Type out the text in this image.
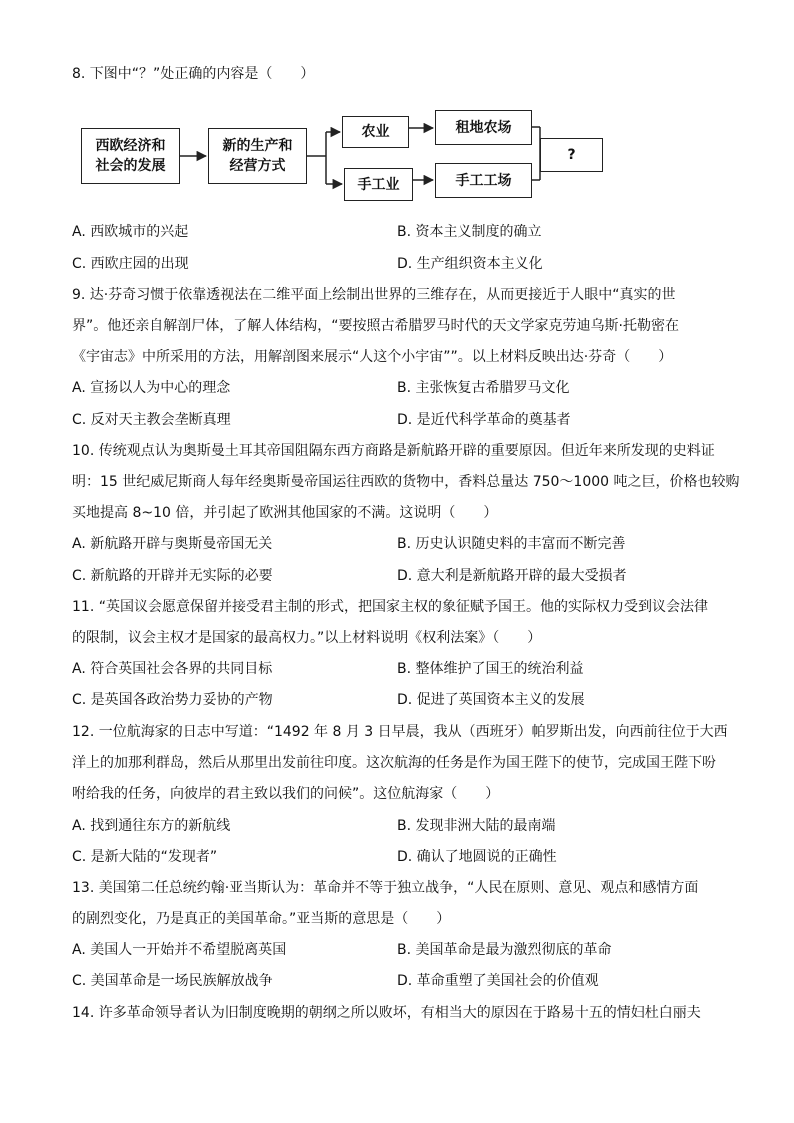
8. 下图中“？”处正确的内容是（　　）
西欧经济和
社会的发展
新的生产和
经营方式
农业
手工业
租地农场
手工工场
?
A. 西欧城市的兴起	B. 资本主义制度的确立
C. 西欧庄园的出现	D. 生产组织资本主义化
9. 达·芬奇习惯于依靠透视法在二维平面上绘制出世界的三维存在，从而更接近于人眼中“真实的世
界”。他还亲自解剖尸体，了解人体结构，“要按照古希腊罗马时代的天文学家克劳迪乌斯·托勒密在
《宇宙志》中所采用的方法，用解剖图来展示“人这个小宇宙””。以上材料反映出达·芬奇（　　）
A. 宣扬以人为中心的理念	B. 主张恢复古希腊罗马文化
C. 反对天主教会垄断真理	D. 是近代科学革命的奠基者
10. 传统观点认为奥斯曼土耳其帝国阻隔东西方商路是新航路开辟的重要原因。但近年来所发现的史料证
明：15 世纪威尼斯商人每年经奥斯曼帝国运往西欧的货物中，香料总量达 750～1000 吨之巨，价格也较购
买地提高 8~10 倍，并引起了欧洲其他国家的不满。这说明（　　）
A. 新航路开辟与奥斯曼帝国无关	B. 历史认识随史料的丰富而不断完善
C. 新航路的开辟并无实际的必要	D. 意大利是新航路开辟的最大受损者
11. “英国议会愿意保留并接受君主制的形式，把国家主权的象征赋予国王。他的实际权力受到议会法律
的限制，议会主权才是国家的最高权力。”以上材料说明《权利法案》（　　）
A. 符合英国社会各界的共同目标	B. 整体维护了国王的统治利益
C. 是英国各政治势力妥协的产物	D. 促进了英国资本主义的发展
12. 一位航海家的日志中写道：“1492 年 8 月 3 日早晨，我从（西班牙）帕罗斯出发，向西前往位于大西
洋上的加那利群岛，然后从那里出发前往印度。这次航海的任务是作为国王陛下的使节，完成国王陛下吩
咐给我的任务，向彼岸的君主致以我们的问候”。这位航海家（　　）
A. 找到通往东方的新航线	B. 发现非洲大陆的最南端
C. 是新大陆的“发现者”	D. 确认了地圆说的正确性
13. 美国第二任总统约翰·亚当斯认为：革命并不等于独立战争，“人民在原则、意见、观点和感情方面
的剧烈变化，乃是真正的美国革命。”亚当斯的意思是（　　）
A. 美国人一开始并不希望脱离英国	B. 美国革命是最为激烈彻底的革命
C. 美国革命是一场民族解放战争	D. 革命重塑了美国社会的价值观
14. 许多革命领导者认为旧制度晚期的朝纲之所以败坏，有相当大的原因在于路易十五的情妇杜白丽夫
